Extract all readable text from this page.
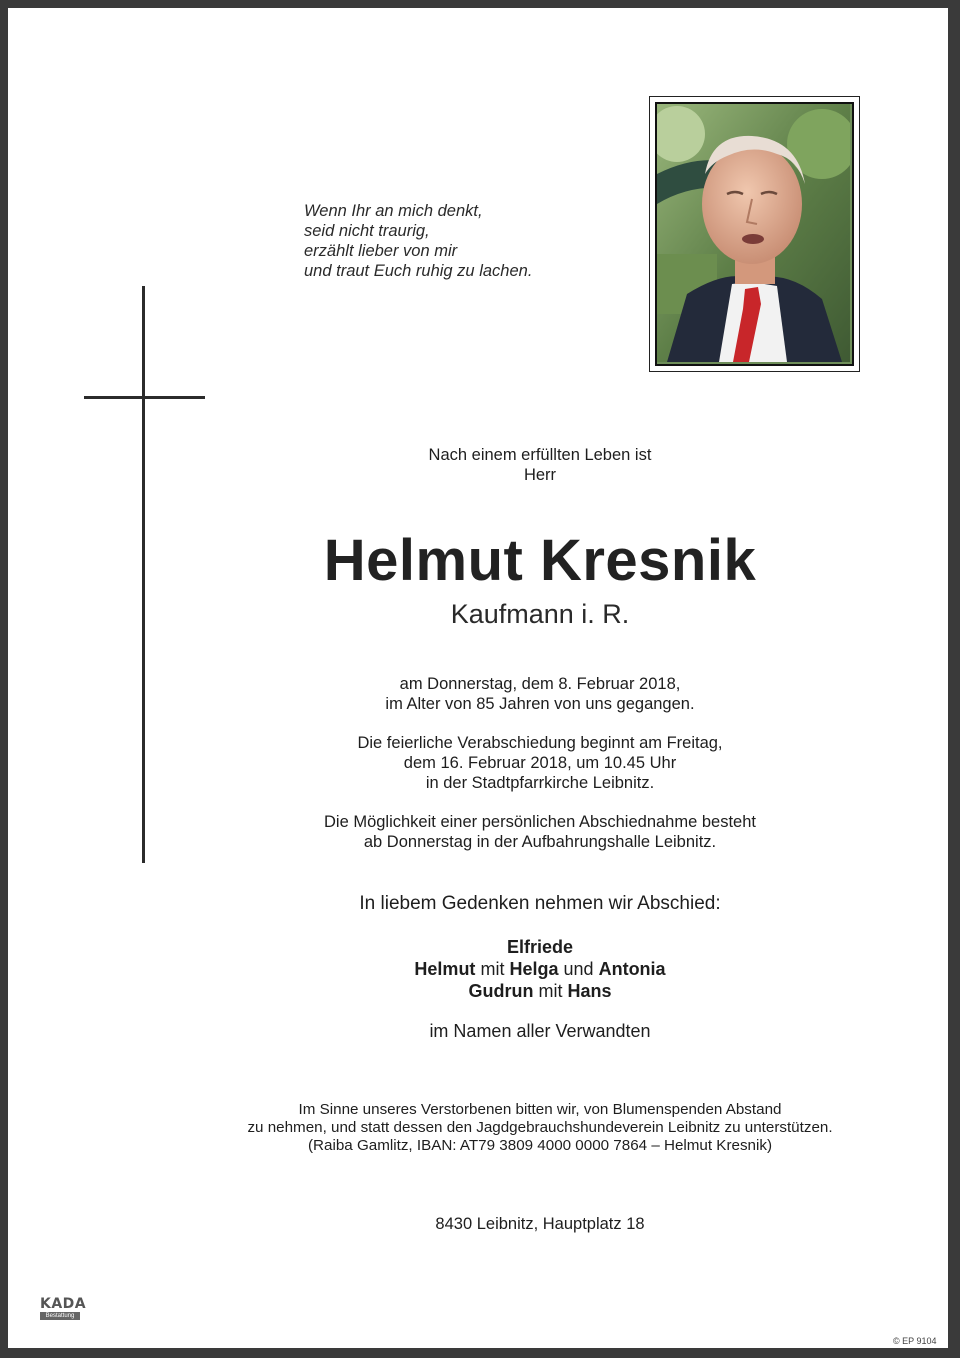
Wenn Ihr an mich denkt,
seid nicht traurig,
erzählt lieber von mir
und traut Euch ruhig zu lachen.
Nach einem erfüllten Leben ist
Herr
Helmut Kresnik
Kaufmann i. R.
am Donnerstag, dem 8. Februar 2018,
im Alter von 85 Jahren von uns gegangen.
Die feierliche Verabschiedung beginnt am Freitag,
dem 16. Februar 2018, um 10.45 Uhr
in der Stadtpfarrkirche Leibnitz.
Die Möglichkeit einer persönlichen Abschiednahme besteht
ab Donnerstag in der Aufbahrungshalle Leibnitz.
In liebem Gedenken nehmen wir Abschied:
Elfriede
Helmut mit Helga und Antonia
Gudrun mit Hans
im Namen aller Verwandten
Im Sinne unseres Verstorbenen bitten wir, von Blumenspenden Abstand
zu nehmen, und statt dessen den Jagdgebrauchshundeverein Leibnitz zu unterstützen.
(Raiba Gamlitz, IBAN: AT79 3809 4000 0000 7864 – Helmut Kresnik)
8430 Leibnitz, Hauptplatz 18
KADA
Bestattung
© EP 9104
